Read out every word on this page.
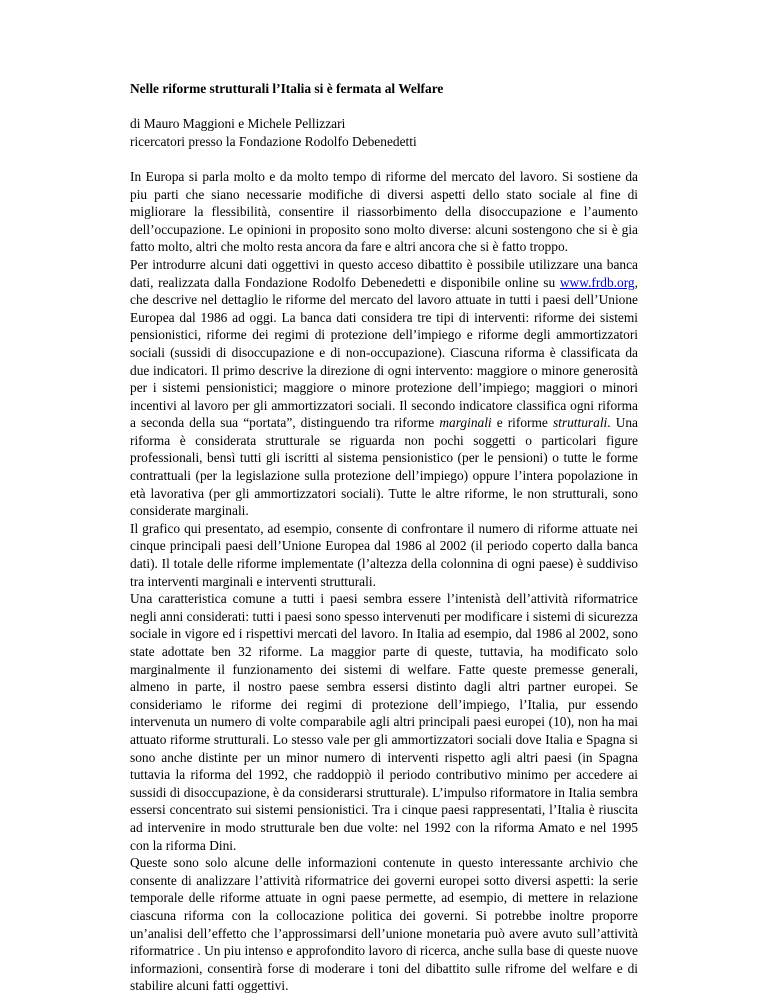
Nelle riforme strutturali l’Italia si è fermata al Welfare
di Mauro Maggioni e Michele Pellizzari
ricercatori presso la Fondazione Rodolfo Debenedetti

In Europa si parla molto e da molto tempo di riforme del mercato del lavoro. Si sostiene da piu parti che siano necessarie modifiche di diversi aspetti dello stato sociale al fine di migliorare la flessibilità, consentire il riassorbimento della disoccupazione e l’aumento dell’occupazione. Le opinioni in proposito sono molto diverse: alcuni sostengono che si è gia fatto molto, altri che molto resta ancora da fare e altri ancora che si è fatto troppo.

Per introdurre alcuni dati oggettivi in questo acceso dibattito è possibile utilizzare una banca dati, realizzata dalla Fondazione Rodolfo Debenedetti e disponibile online su www.frdb.org, che descrive nel dettaglio le riforme del mercato del lavoro attuate in tutti i paesi dell’Unione Europea dal 1986 ad oggi. La banca dati considera tre tipi di interventi: riforme dei sistemi pensionistici, riforme dei regimi di protezione dell’impiego e riforme degli ammortizzatori sociali (sussidi di disoccupazione e di non-occupazione). Ciascuna riforma è classificata da due indicatori. Il primo descrive la direzione di ogni intervento: maggiore o minore generosità per i sistemi pensionistici; maggiore o minore protezione dell’impiego; maggiori o minori incentivi al lavoro per gli ammortizzatori sociali. Il secondo indicatore classifica ogni riforma a seconda della sua “portata”, distinguendo tra riforme marginali e riforme strutturali. Una riforma è considerata strutturale se riguarda non pochi soggetti o particolari figure professionali, bensì tutti gli iscritti al sistema pensionistico (per le pensioni) o tutte le forme contrattuali (per la legislazione sulla protezione dell’impiego) oppure l’intera popolazione in età lavorativa (per gli ammortizzatori sociali). Tutte le altre riforme, le non strutturali, sono considerate marginali.

Il grafico qui presentato, ad esempio, consente di confrontare il numero di riforme attuate nei cinque principali paesi dell’Unione Europea dal 1986 al 2002 (il periodo coperto dalla banca dati). Il totale delle riforme implementate (l’altezza della colonnina di ogni paese) è suddiviso tra interventi marginali e interventi strutturali.

Una caratteristica comune a tutti i paesi sembra essere l’intenistà dell’attività riformatrice negli anni considerati: tutti i paesi sono spesso intervenuti per modificare i sistemi di sicurezza sociale in vigore ed i rispettivi mercati del lavoro. In Italia ad esempio, dal 1986 al 2002, sono state adottate ben 32 riforme. La maggior parte di queste, tuttavia, ha modificato solo marginalmente il funzionamento dei sistemi di welfare. Fatte queste premesse generali, almeno in parte, il nostro paese sembra essersi distinto dagli altri partner europei. Se consideriamo le riforme dei regimi di protezione dell’impiego, l’Italia, pur essendo intervenuta un numero di volte comparabile agli altri principali paesi europei (10), non ha mai attuato riforme strutturali. Lo stesso vale per gli ammortizzatori sociali dove Italia e Spagna si sono anche distinte per un minor numero di interventi rispetto agli altri paesi (in Spagna tuttavia la riforma del 1992, che raddoppiò il periodo contributivo minimo per accedere ai sussidi di disoccupazione, è da considerarsi strutturale). L’impulso riformatore in Italia sembra essersi concentrato sui sistemi pensionistici. Tra i cinque paesi rappresentati, l’Italia è riuscita ad intervenire in modo strutturale ben due volte: nel 1992 con la riforma Amato e nel 1995 con la riforma Dini.

Queste sono solo alcune delle informazioni contenute in questo interessante archivio che consente di analizzare l’attività riformatrice dei governi europei sotto diversi aspetti: la serie temporale delle riforme attuate in ogni paese permette, ad esempio, di mettere in relazione ciascuna riforma con la collocazione politica dei governi. Si potrebbe inoltre proporre un’analisi dell’effetto che l’approssimarsi dell’unione monetaria può avere avuto sull’attività riformatrice . Un piu intenso e approfondito lavoro di ricerca, anche sulla base di queste nuove informazioni, consentirà forse di moderare i toni del dibattito sulle rifrome del welfare e di stabilire alcuni fatti oggettivi.
